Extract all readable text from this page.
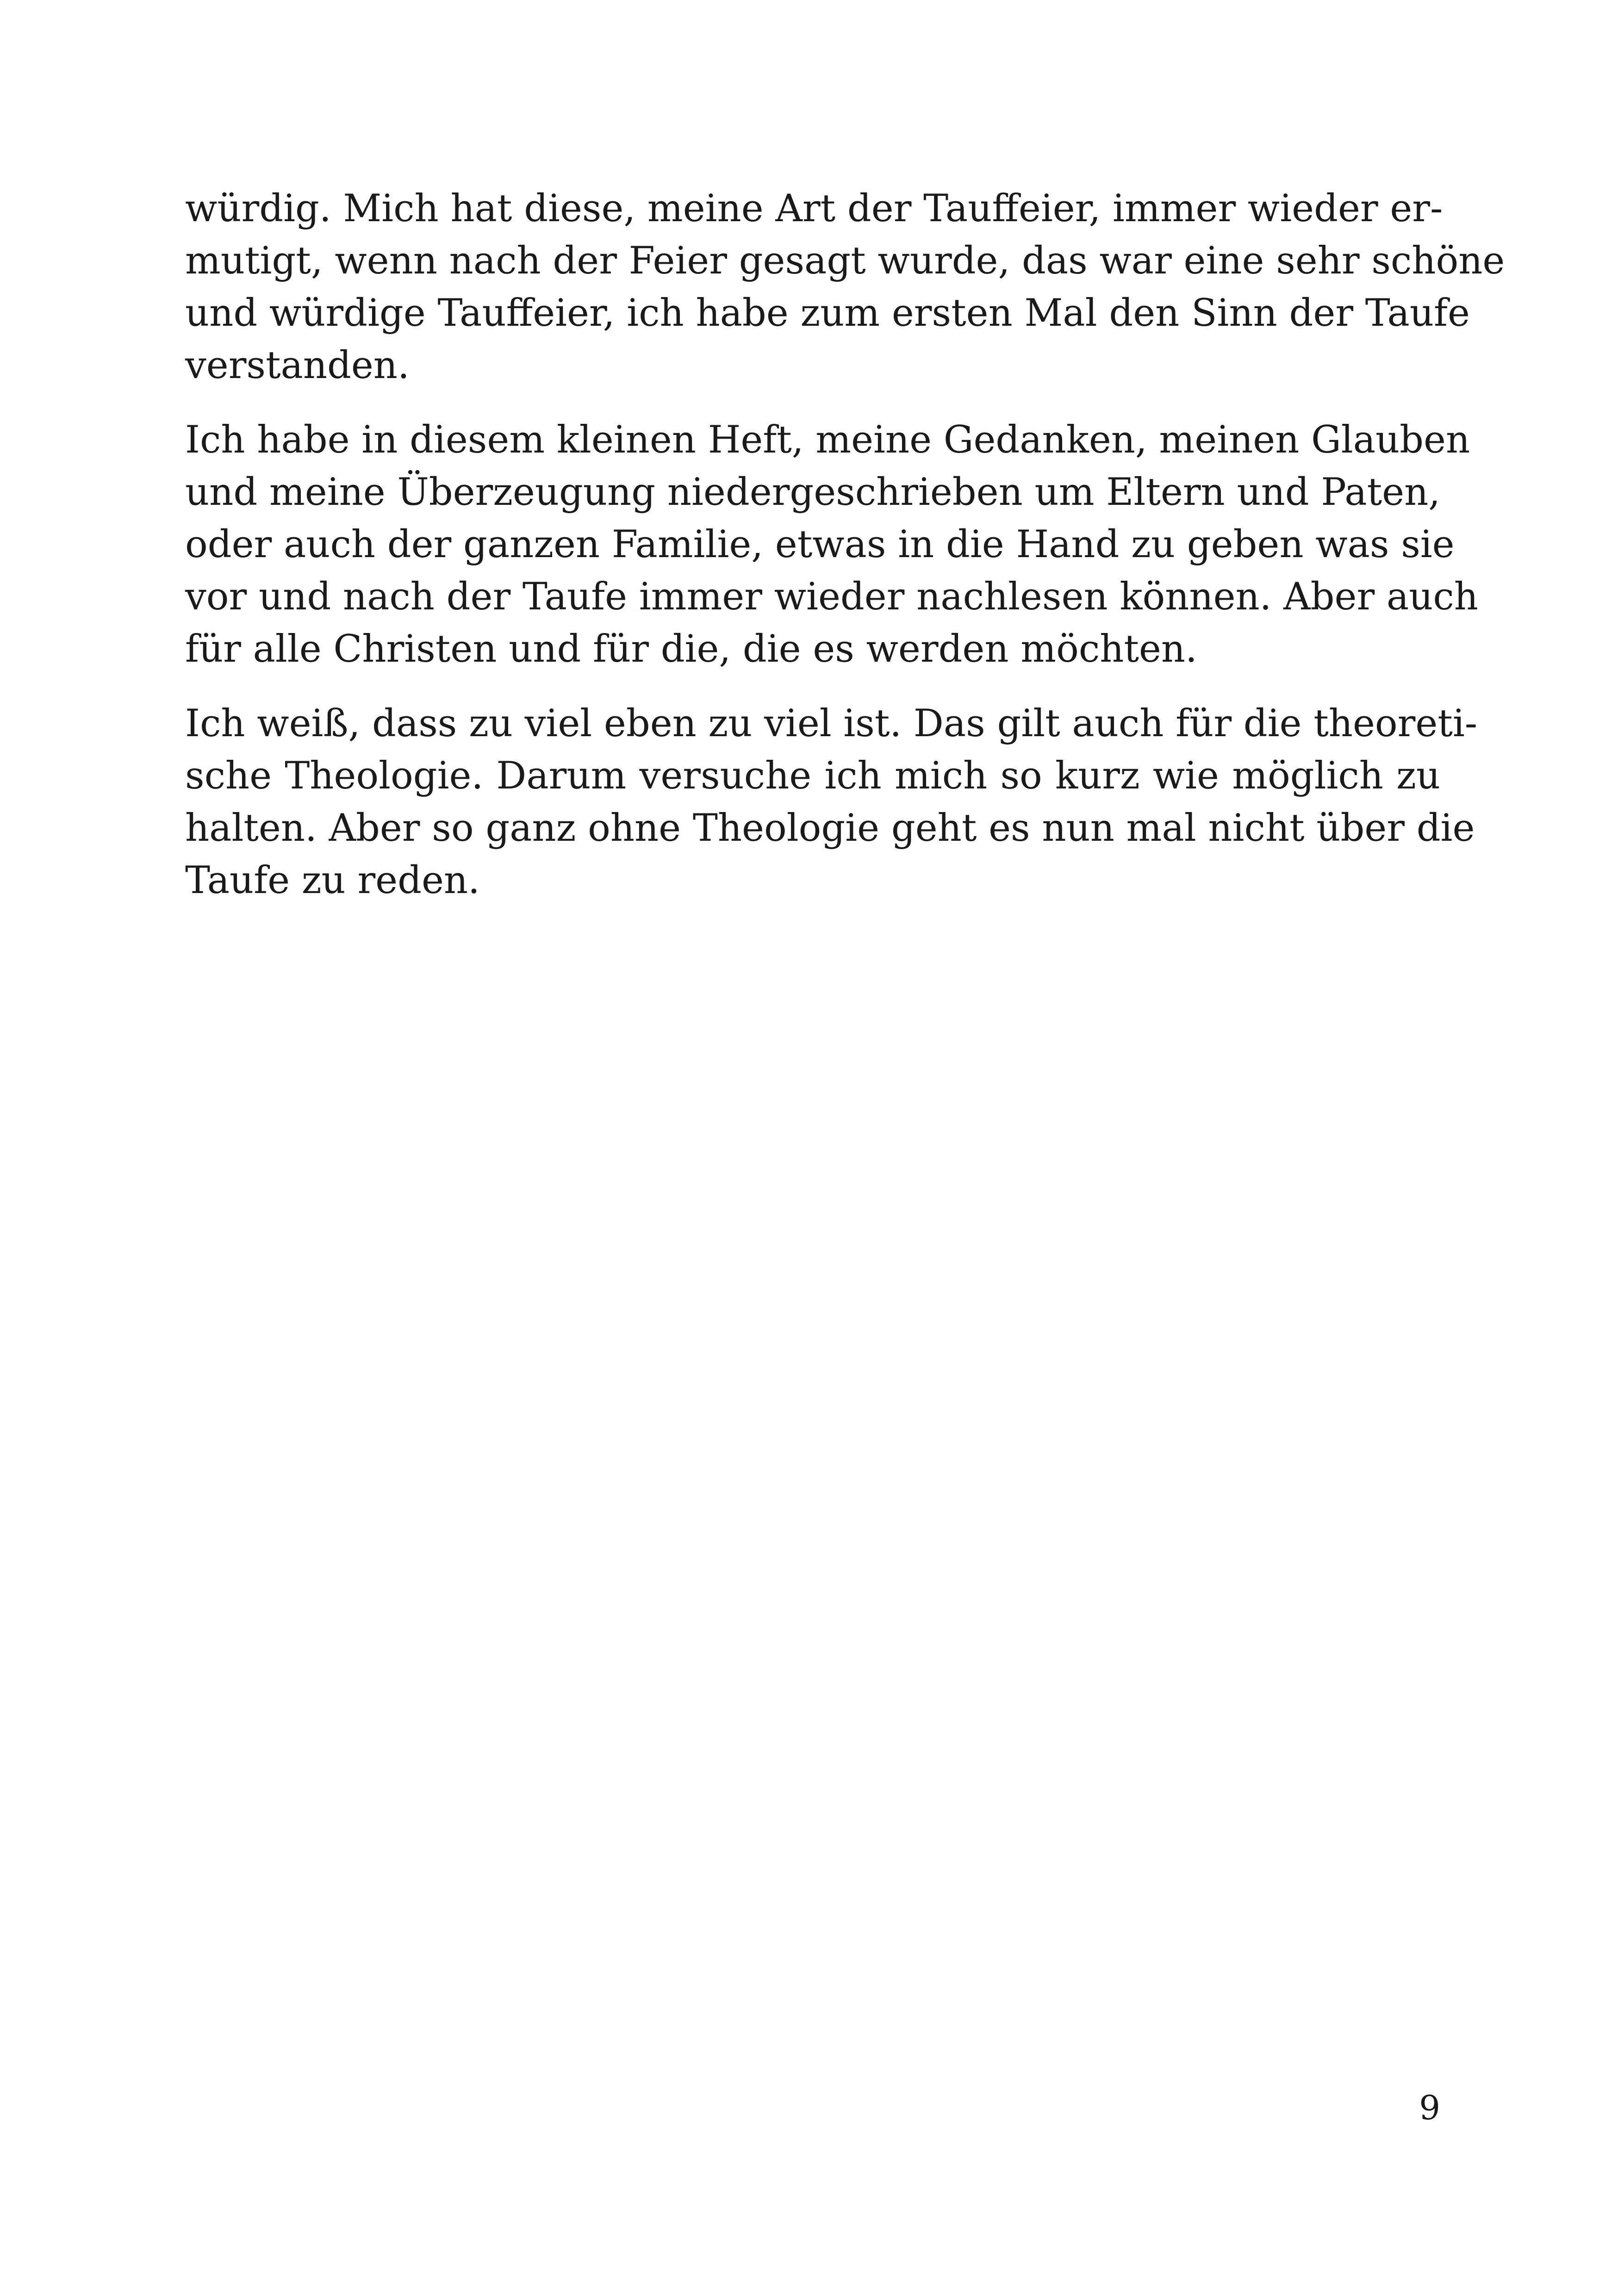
würdig. Mich hat diese, meine Art der Tauffeier, immer wieder er-
mutigt, wenn nach der Feier gesagt wurde, das war eine sehr schöne
und würdige Tauffeier, ich habe zum ersten Mal den Sinn der Taufe
verstanden.

Ich habe in diesem kleinen Heft, meine Gedanken, meinen Glauben
und meine Überzeugung niedergeschrieben um Eltern und Paten,
oder auch der ganzen Familie, etwas in die Hand zu geben was sie
vor und nach der Taufe immer wieder nachlesen können. Aber auch
für alle Christen und für die, die es werden möchten.

Ich weiß, dass zu viel eben zu viel ist. Das gilt auch für die theoreti-
sche Theologie. Darum versuche ich mich so kurz wie möglich zu
halten. Aber so ganz ohne Theologie geht es nun mal nicht über die
Taufe zu reden.

9
